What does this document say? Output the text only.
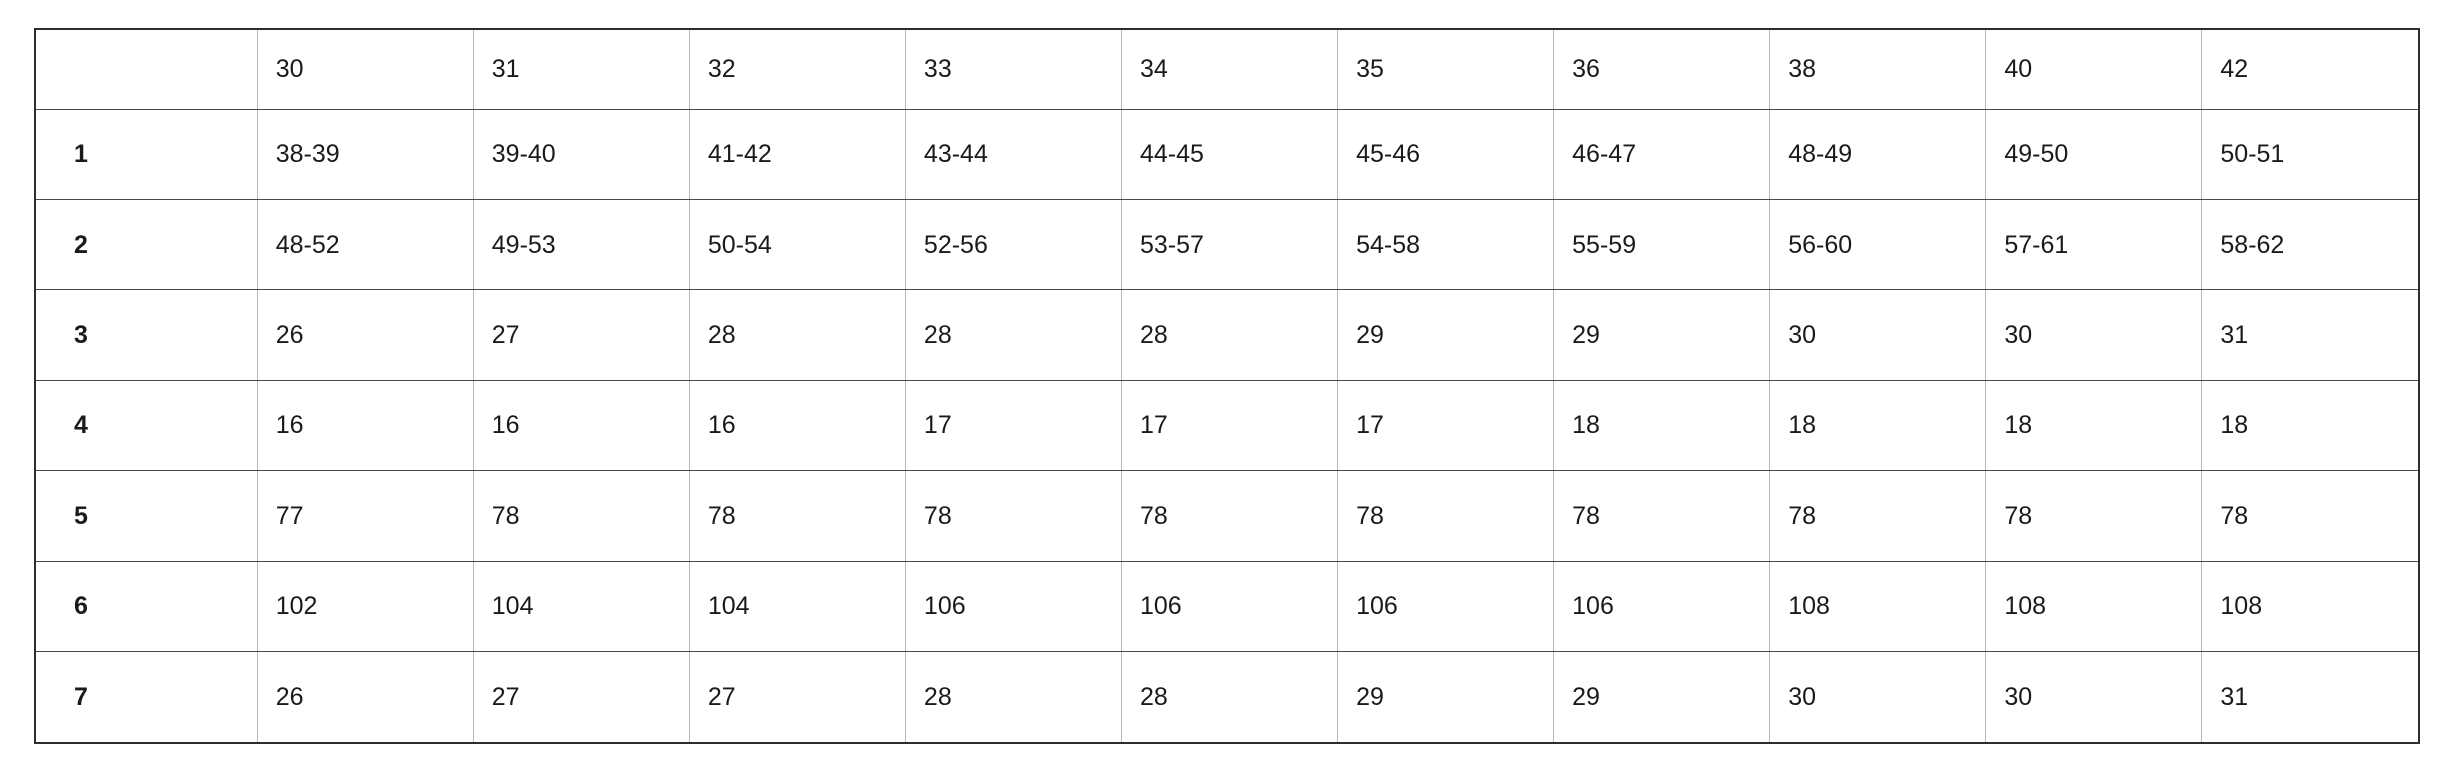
	30	31	32	33	34	35	36	38	40	42
1	38-39	39-40	41-42	43-44	44-45	45-46	46-47	48-49	49-50	50-51
2	48-52	49-53	50-54	52-56	53-57	54-58	55-59	56-60	57-61	58-62
3	26	27	28	28	28	29	29	30	30	31
4	16	16	16	17	17	17	18	18	18	18
5	77	78	78	78	78	78	78	78	78	78
6	102	104	104	106	106	106	106	108	108	108
7	26	27	27	28	28	29	29	30	30	31
